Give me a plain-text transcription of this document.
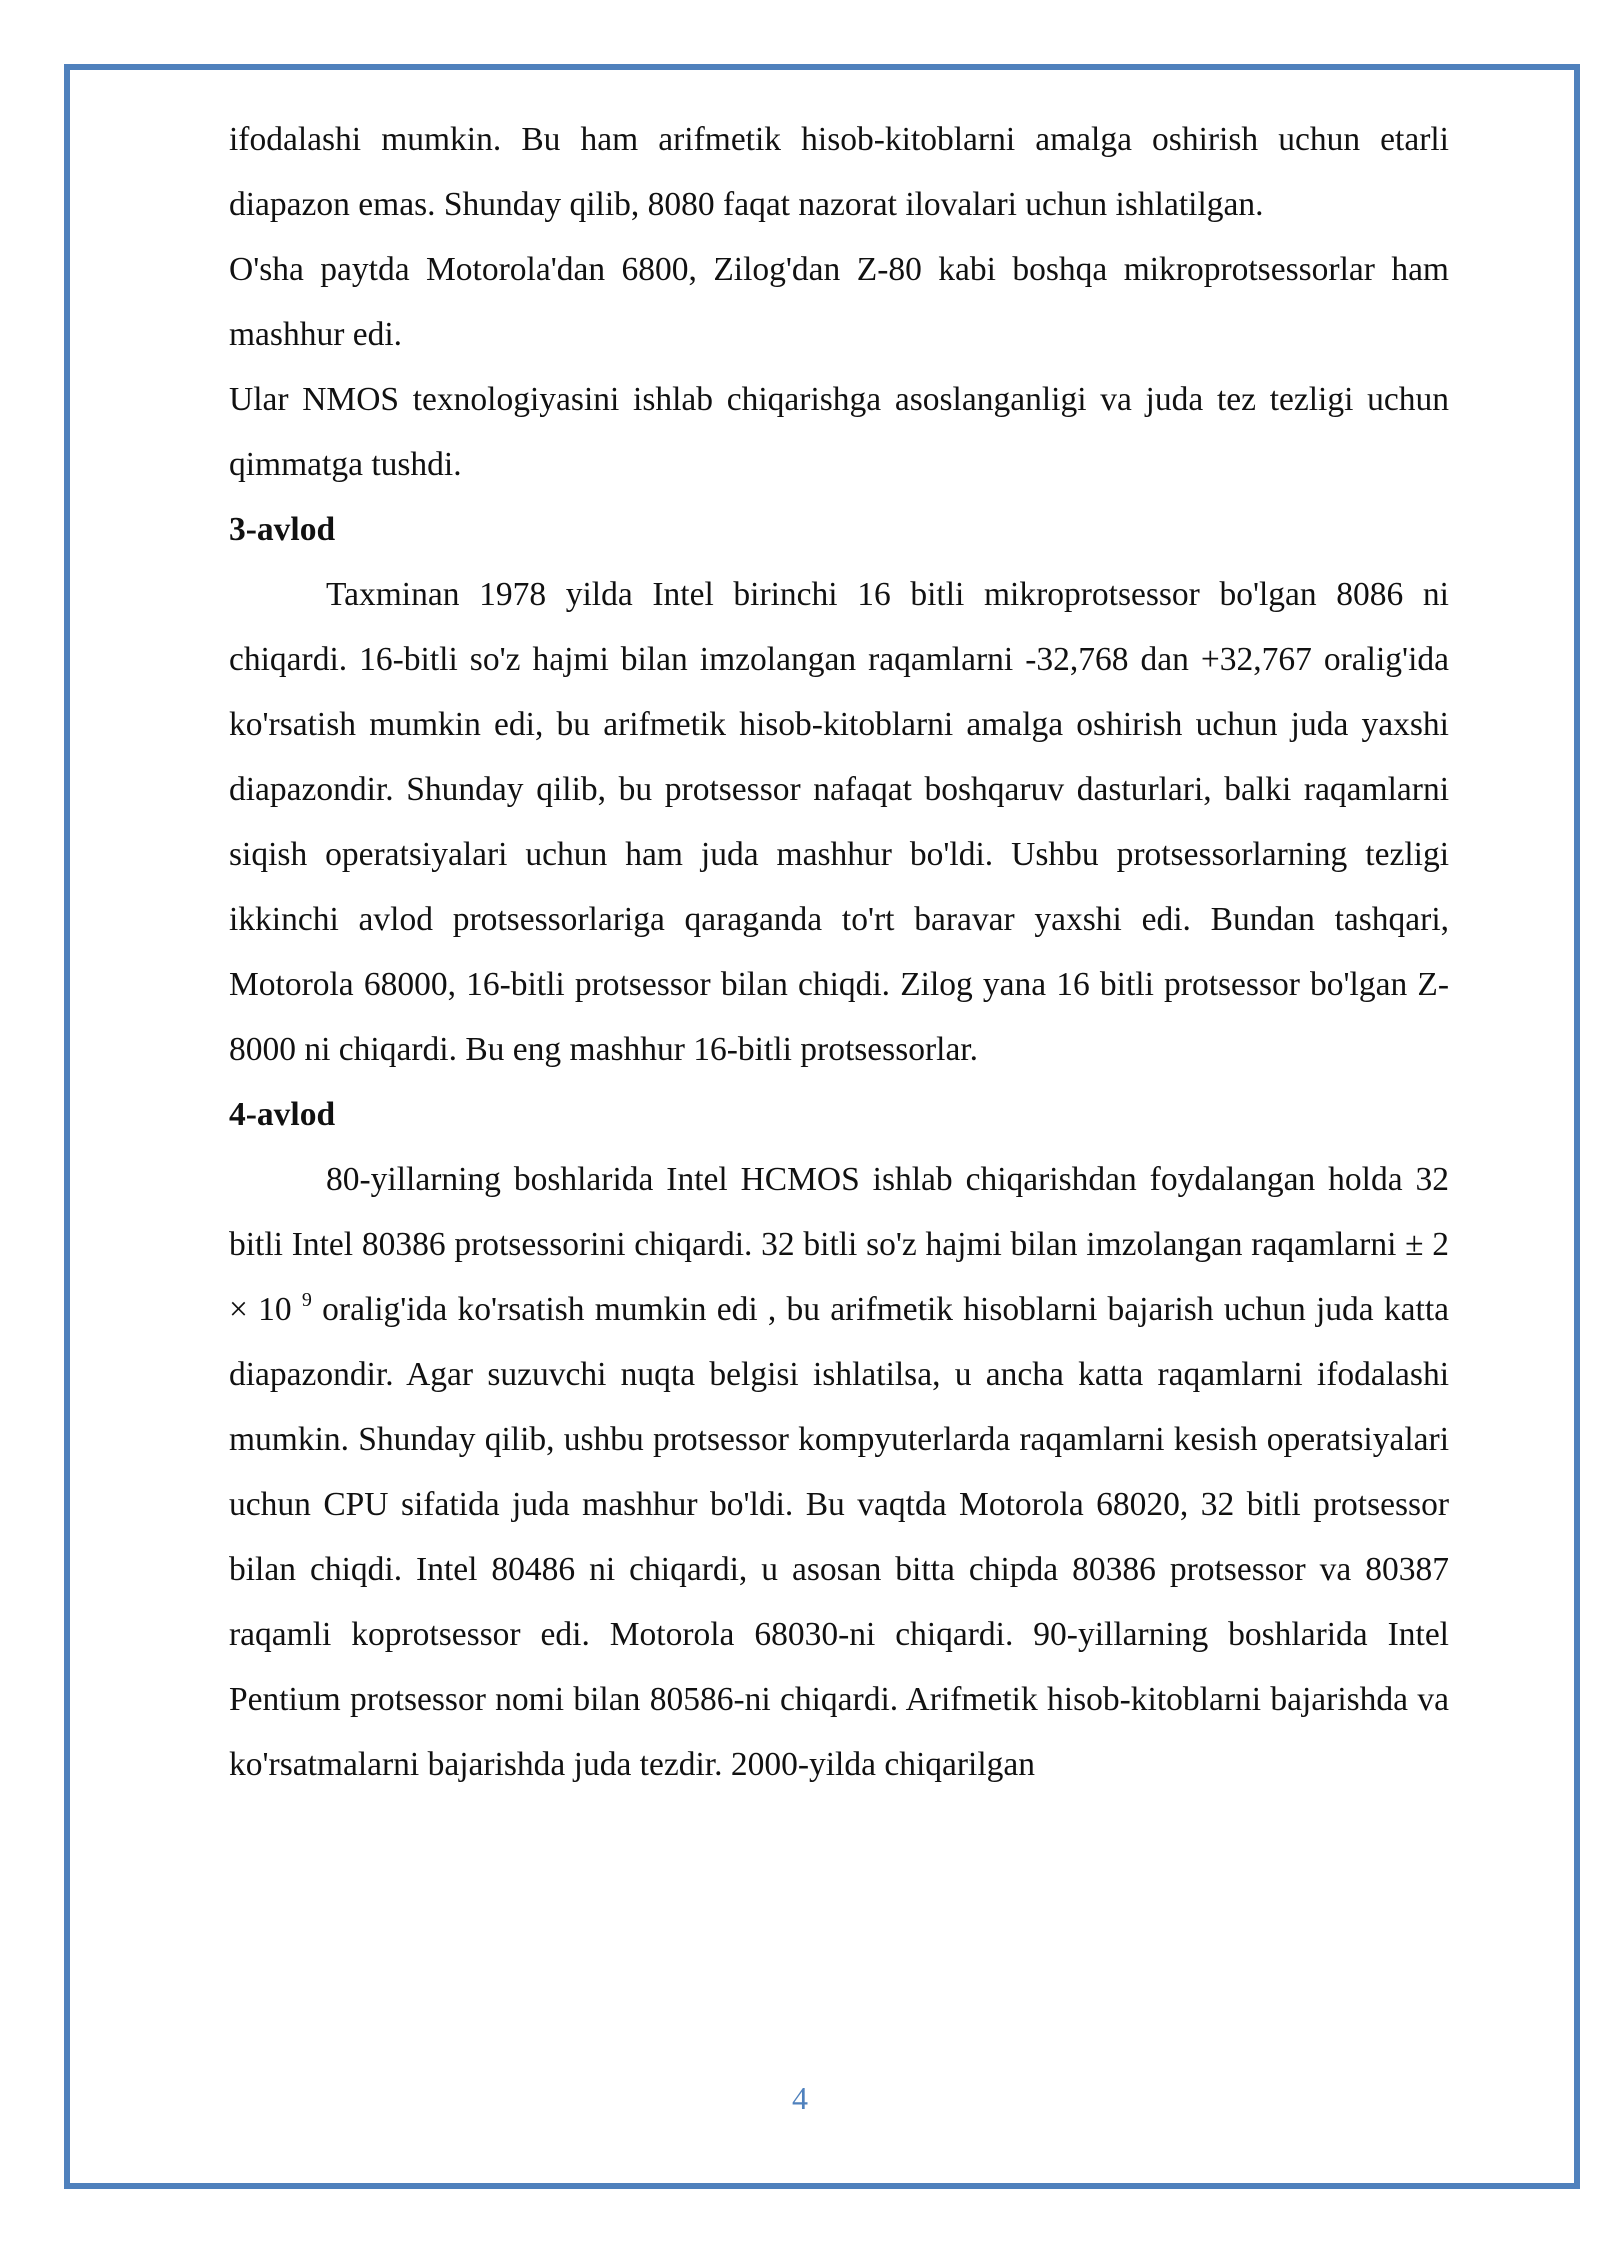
ifodalashi mumkin. Bu ham arifmetik hisob-kitoblarni amalga oshirish uchun etarli diapazon emas. Shunday qilib, 8080 faqat nazorat ilovalari uchun ishlatilgan.

O'sha paytda Motorola'dan 6800, Zilog'dan Z-80 kabi boshqa mikroprotsessorlar ham mashhur edi.

Ular NMOS texnologiyasini ishlab chiqarishga asoslanganligi va juda tez tezligi uchun qimmatga tushdi.

3-avlod

Taxminan 1978 yilda Intel birinchi 16 bitli mikroprotsessor bo'lgan 8086 ni chiqardi. 16-bitli so'z hajmi bilan imzolangan raqamlarni -32,768 dan +32,767 oralig'ida ko'rsatish mumkin edi, bu arifmetik hisob-kitoblarni amalga oshirish uchun juda yaxshi diapazondir. Shunday qilib, bu protsessor nafaqat boshqaruv dasturlari, balki raqamlarni siqish operatsiyalari uchun ham juda mashhur bo'ldi. Ushbu protsessorlarning tezligi ikkinchi avlod protsessorlariga qaraganda to'rt baravar yaxshi edi. Bundan tashqari, Motorola 68000, 16-bitli protsessor bilan chiqdi. Zilog yana 16 bitli protsessor bo'lgan Z-8000 ni chiqardi. Bu eng mashhur 16-bitli protsessorlar.

4-avlod

80-yillarning boshlarida Intel HCMOS ishlab chiqarishdan foydalangan holda 32 bitli Intel 80386 protsessorini chiqardi. 32 bitli so'z hajmi bilan imzolangan raqamlarni ± 2 × 10 $^9$ oralig'ida ko'rsatish mumkin edi , bu arifmetik hisoblarni bajarish uchun juda katta diapazondir. Agar suzuvchi nuqta belgisi ishlatilsa, u ancha katta raqamlarni ifodalashi mumkin. Shunday qilib, ushbu protsessor kompyuterlarda raqamlarni kesish operatsiyalari uchun CPU sifatida juda mashhur bo'ldi. Bu vaqtda Motorola 68020, 32 bitli protsessor bilan chiqdi. Intel 80486 ni chiqardi, u asosan bitta chipda 80386 protsessor va 80387 raqamli koprotsessor edi. Motorola 68030-ni chiqardi. 90-yillarning boshlarida Intel Pentium protsessor nomi bilan 80586-ni chiqardi. Arifmetik hisob-kitoblarni bajarishda va ko'rsatmalarni bajarishda juda tezdir. 2000-yilda chiqarilgan

4
